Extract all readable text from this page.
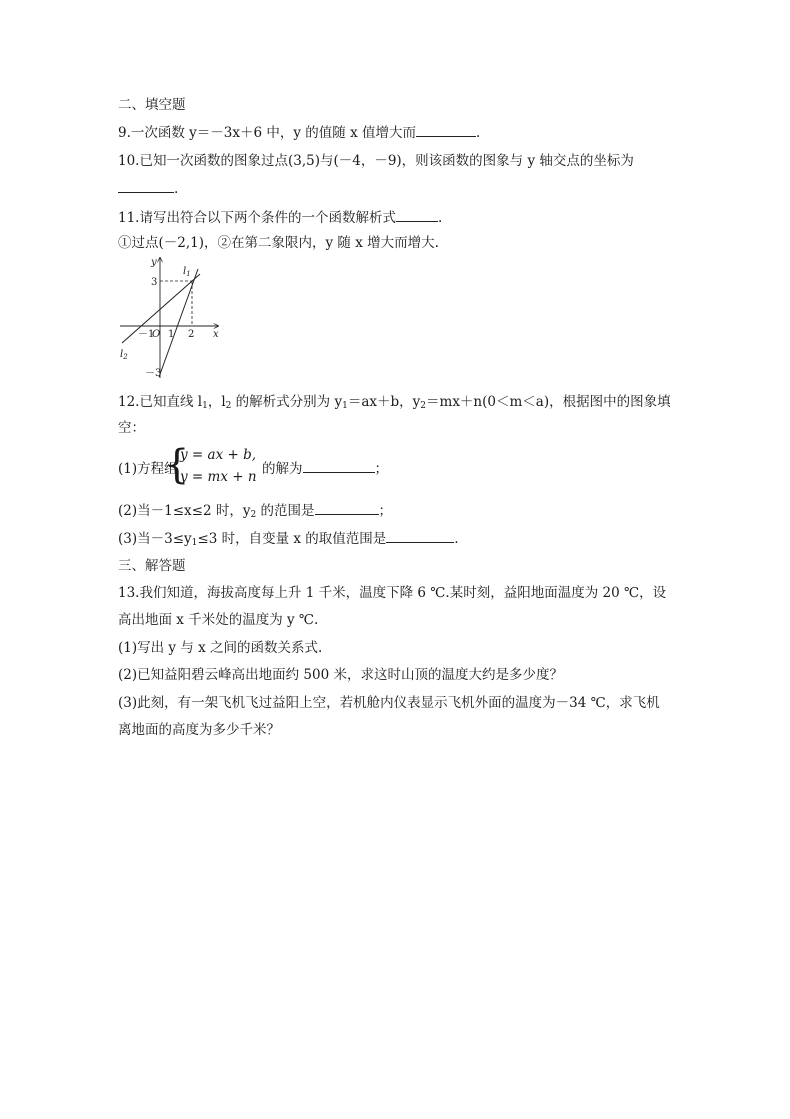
二、填空题
9.一次函数 y＝－3x＋6 中，y 的值随 x 值增大而	.
10.已知一次函数的图象过点(3,5)与(－4，－9)，则该函数的图象与 y 轴交点的坐标为
.
11.请写出符合以下两个条件的一个函数解析式	.
①过点(－2,1)，②在第二象限内，y 随 x 增大而增大.
y
x
3
－1
O 1 2
－3
$l_1$
$l_2$
12.已知直线 $l_1$，$l_2$ 的解析式分别为 $y_1=ax+b$，$y_2=mx+n(0<m<a)$，根据图中的图象填
空：
(1)方程组
{
y = ax + b,
y = mx + n 的解为	；
(2)当－1≤x≤2 时，$y_2$ 的范围是	；
(3)当$-3\le y_1\le 3$ 时，自变量 x 的取值范围是	.
三、解答题
13.我们知道，海拔高度每上升 1 千米，温度下降 6 ℃.某时刻，益阳地面温度为 20 ℃，设
高出地面 x 千米处的温度为 y ℃.
(1)写出 y 与 x 之间的函数关系式.
(2)已知益阳碧云峰高出地面约 500 米，求这时山顶的温度大约是多少度？
(3)此刻，有一架飞机飞过益阳上空，若机舱内仪表显示飞机外面的温度为－34 ℃，求飞机
离地面的高度为多少千米？
